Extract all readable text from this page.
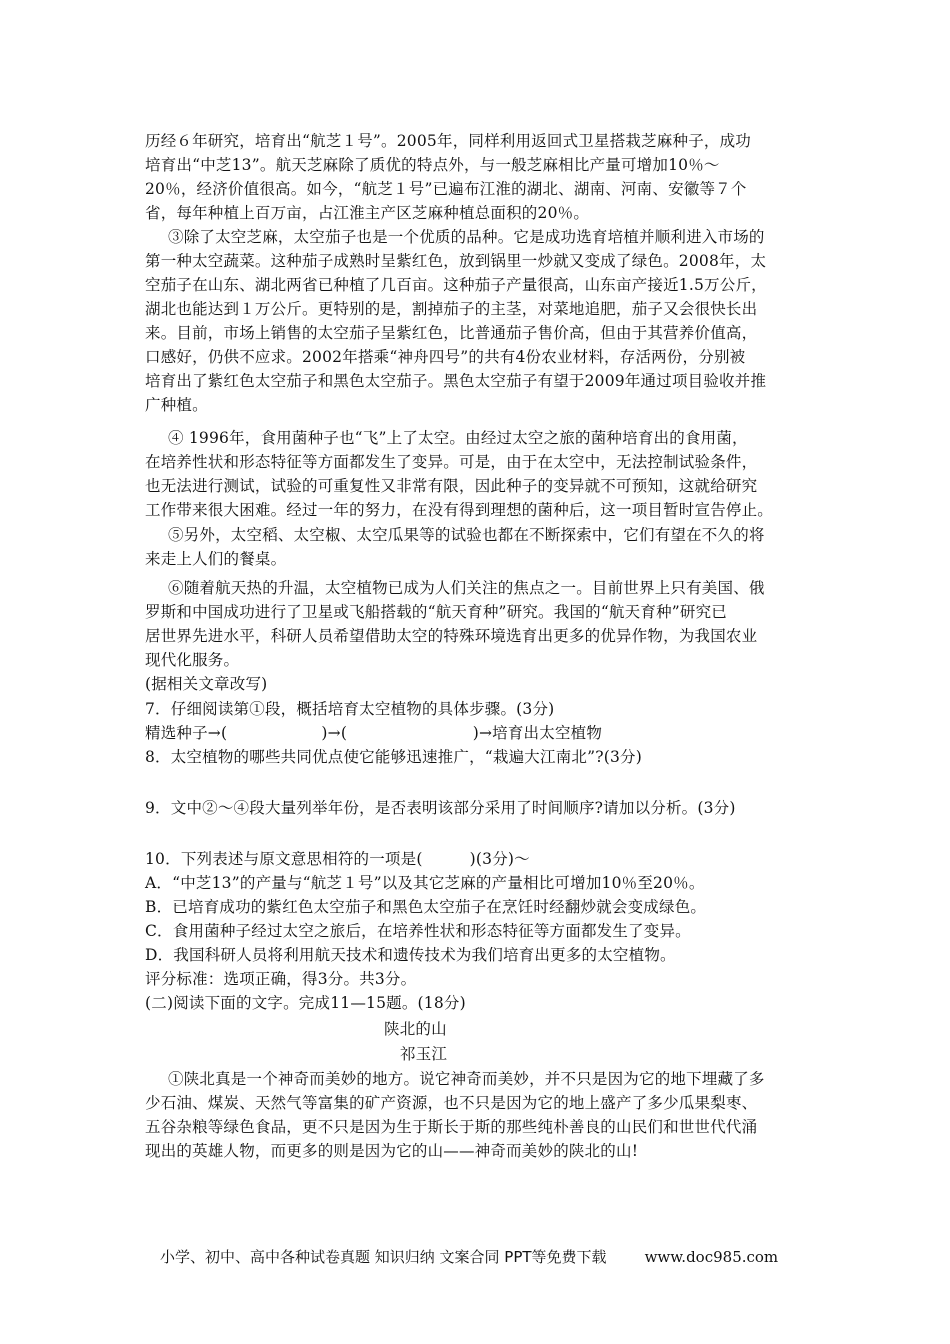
历经６年研究，培育出“航芝１号”。2005年，同样利用返回式卫星搭栽芝麻种子，成功
培育出“中芝13”。航天芝麻除了质优的特点外，与一般芝麻相比产量可增加10％～
20％，经济价值很高。如今，“航芝１号”已遍布江淮的湖北、湖南、河南、安徽等７个
省，每年种植上百万亩，占江淮主产区芝麻种植总面积的20％。
③除了太空芝麻，太空茄子也是一个优质的品种。它是成功选育培植并顺利进入市场的
第一种太空蔬菜。这种茄子成熟时呈紫红色，放到锅里一炒就又变成了绿色。2008年，太
空茄子在山东、湖北两省已种植了几百亩。这种茄子产量很高，山东亩产接近1.5万公斤，
湖北也能达到１万公斤。更特别的是，割掉茄子的主茎，对菜地追肥，茄子又会很快长出
来。目前，市场上销售的太空茄子呈紫红色，比普通茄子售价高，但由于其营养价值高，
口感好，仍供不应求。2002年搭乘“神舟四号”的共有4份农业材料，存活两份，分别被
培育出了紫红色太空茄子和黑色太空茄子。黑色太空茄子有望于2009年通过项目验收并推
广种植。
④ 1996年，食用菌种子也“飞”上了太空。由经过太空之旅的菌种培育出的食用菌，
在培养性状和形态特征等方面都发生了变异。可是，由于在太空中，无法控制试验条件，
也无法进行测试，试验的可重复性又非常有限，因此种子的变异就不可预知，这就给研究
工作带来很大困难。经过一年的努力，在没有得到理想的菌种后，这一项目暂时宣告停止。
⑤另外，太空稻、太空椒、太空瓜果等的试验也都在不断探索中，它们有望在不久的将
来走上人们的餐桌。
⑥随着航天热的升温，太空植物已成为人们关注的焦点之一。目前世界上只有美国、俄
罗斯和中国成功进行了卫星或飞船搭载的“航天育种”研究。我国的“航天育种”研究已
居世界先进水平，科研人员希望借助太空的特殊环境选育出更多的优异作物，为我国农业
现代化服务。
(据相关文章改写)
7．仔细阅读第①段，概括培育太空植物的具体步骤。(3分)
精选种子→(　　　　　　)→(　　　　　　　　)→培育出太空植物
8．太空植物的哪些共同优点使它能够迅速推广，“栽遍大江南北”?(3分)
9．文中②～④段大量列举年份，是否表明该部分采用了时间顺序?请加以分析。(3分)
10．下列表述与原文意思相符的一项是(　　　)(3分)～
A．“中芝13”的产量与“航芝１号”以及其它芝麻的产量相比可增加10％至20％。
B．已培育成功的紫红色太空茄子和黑色太空茄子在烹饪时经翻炒就会变成绿色。
C．食用菌种子经过太空之旅后，在培养性状和形态特征等方面都发生了变异。
D．我国科研人员将利用航天技术和遗传技术为我们培育出更多的太空植物。
评分标准：选项正确，得3分。共3分。
(二)阅读下面的文字。完成11—15题。(18分)
陕北的山
祁玉江
①陕北真是一个神奇而美妙的地方。说它神奇而美妙，并不只是因为它的地下埋藏了多
少石油、煤炭、天然气等富集的矿产资源，也不只是因为它的地上盛产了多少瓜果梨枣、
五谷杂粮等绿色食品，更不只是因为生于斯长于斯的那些纯朴善良的山民们和世世代代涌
现出的英雄人物，而更多的则是因为它的山——神奇而美妙的陕北的山!
小学、初中、高中各种试卷真题 知识归纳 文案合同 PPT等免费下载	www.doc985.com
